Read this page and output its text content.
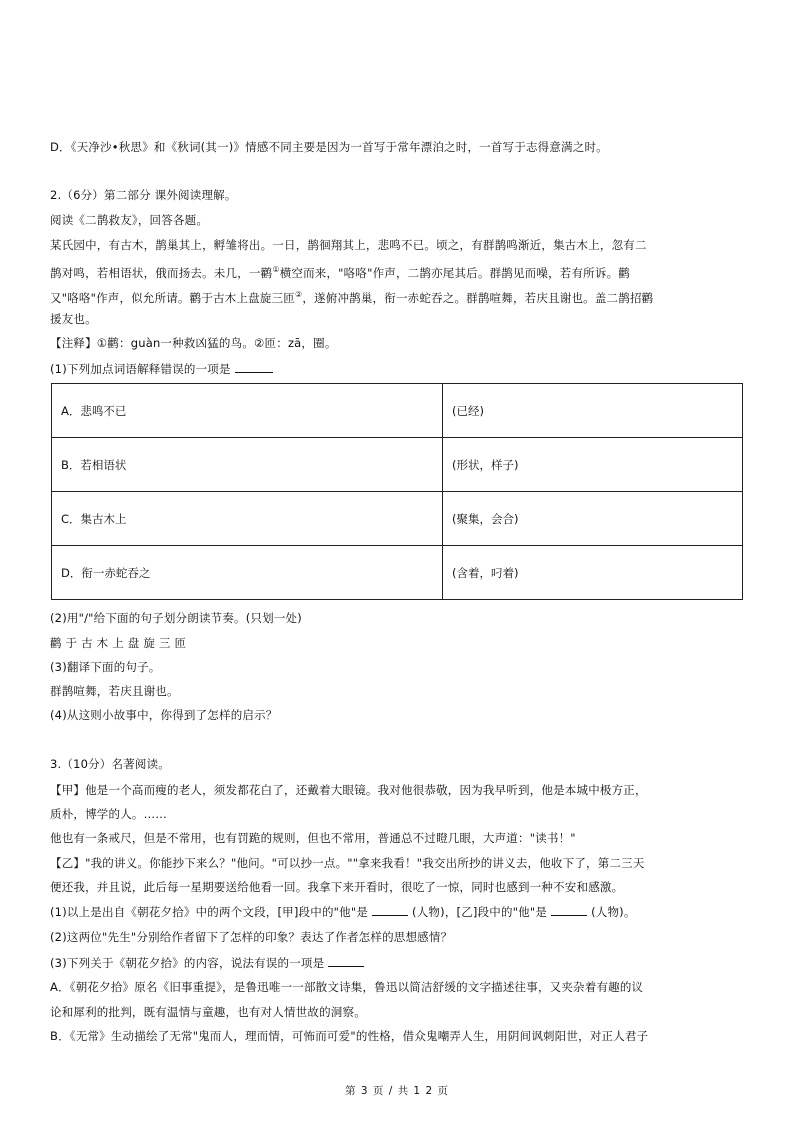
D．《天净沙•秋思》和《秋词(其一)》情感不同主要是因为一首写于常年漂泊之时，一首写于志得意满之时。
2.（6分）第二部分 课外阅读理解。
阅读《二鹊救友》，回答各题。
某氏园中，有古木，鹊巢其上，孵雏将出。一日，鹊徊翔其上，悲鸣不已。顷之，有群鹊鸣渐近，集古木上，忽有二
鹊对鸣，若相语状，俄而扬去。未几，一鹳①横空而来，"咯咯"作声，二鹊亦尾其后。群鹊见而噪，若有所诉。鹳
又"咯咯"作声，似允所请。鹳于古木上盘旋三匝②，遂俯冲鹊巢，衔一赤蛇吞之。群鹊喧舞，若庆且谢也。盖二鹊招鹳
援友也。
【注释】①鹳：guàn一种救凶猛的鸟。②匝：zā，圈。
(1)下列加点词语解释错误的一项是
A．悲鸣不已	(已经)
B．若相语状	(形状，样子)
C．集古木上	(聚集，会合)
D．衔一赤蛇吞之	(含着，叼着)
(2)用"/"给下面的句子划分朗读节奏。(只划一处)
鹳 于 古 木 上 盘 旋 三 匝
(3)翻译下面的句子。
群鹊喧舞，若庆且谢也。
(4)从这则小故事中，你得到了怎样的启示？
3.（10分）名著阅读。
【甲】他是一个高而瘦的老人，须发都花白了，还戴着大眼镜。我对他很恭敬，因为我早听到，他是本城中极方正，
质朴，博学的人。……
他也有一条戒尺，但是不常用，也有罚跪的规则，但也不常用，普通总不过瞪几眼，大声道："读书！"
【乙】"我的讲义。你能抄下来么？"他问。"可以抄一点。""拿来我看！"我交出所抄的讲义去，他收下了，第二三天
便还我，并且说，此后每一星期要送给他看一回。我拿下来开看时，很吃了一惊，同时也感到一种不安和感激。
(1)以上是出自《朝花夕拾》中的两个文段，[甲]段中的"他"是	(人物)，[乙]段中的"他"是	(人物)。
(2)这两位"先生"分别给作者留下了怎样的印象？表达了作者怎样的思想感情？
(3)下列关于《朝花夕拾》的内容，说法有误的一项是
A．《朝花夕拾》原名《旧事重提》，是鲁迅唯一一部散文诗集，鲁迅以简洁舒缓的文字描述往事，又夹杂着有趣的议
论和犀利的批判，既有温情与童趣，也有对人情世故的洞察。
B．《无常》生动描绘了无常"鬼而人，理而情，可怖而可爱"的性格，借众鬼嘲弄人生，用阴间讽刺阳世，对正人君子
第 3 页 / 共 1 2 页
